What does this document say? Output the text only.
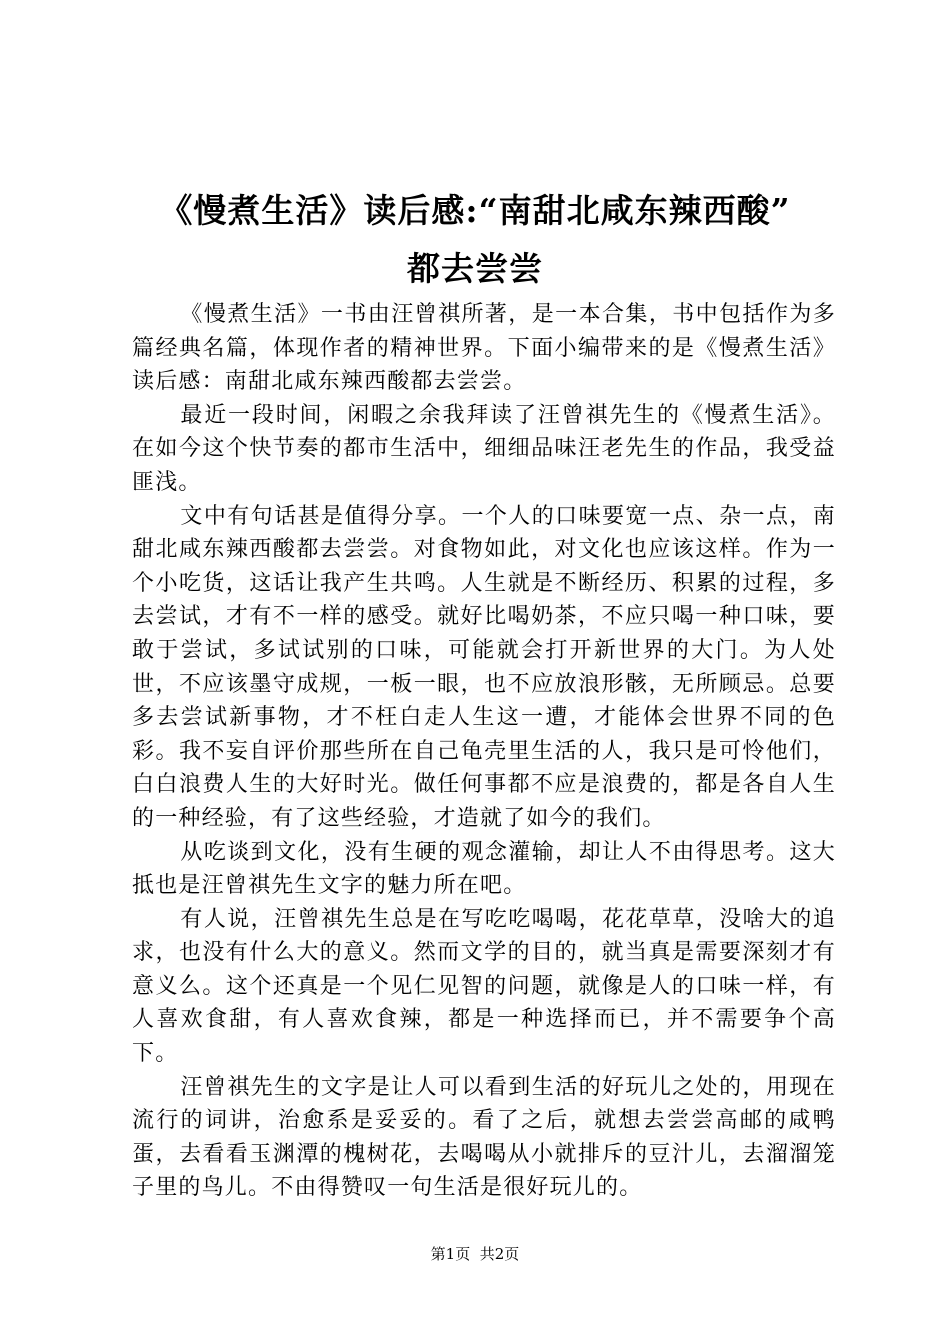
《慢煮生活》读后感:“南甜北咸东辣西酸”
都去尝尝

《慢煮生活》一书由汪曾祺所著，是一本合集，书中包括作为多篇经典名篇，体现作者的精神世界。下面小编带来的是《慢煮生活》读后感：南甜北咸东辣西酸都去尝尝。

最近一段时间，闲暇之余我拜读了汪曾祺先生的《慢煮生活》。在如今这个快节奏的都市生活中，细细品味汪老先生的作品，我受益匪浅。

文中有句话甚是值得分享。一个人的口味要宽一点、杂一点，南甜北咸东辣西酸都去尝尝。对食物如此，对文化也应该这样。作为一个小吃货，这话让我产生共鸣。人生就是不断经历、积累的过程，多去尝试，才有不一样的感受。就好比喝奶茶，不应只喝一种口味，要敢于尝试，多试试别的口味，可能就会打开新世界的大门。为人处世，不应该墨守成规，一板一眼，也不应放浪形骸，无所顾忌。总要多去尝试新事物，才不枉白走人生这一遭，才能体会世界不同的色彩。我不妄自评价那些所在自己龟壳里生活的人，我只是可怜他们，白白浪费人生的大好时光。做任何事都不应是浪费的，都是各自人生的一种经验，有了这些经验，才造就了如今的我们。

从吃谈到文化，没有生硬的观念灌输，却让人不由得思考。这大抵也是汪曾祺先生文字的魅力所在吧。

有人说，汪曾祺先生总是在写吃吃喝喝，花花草草，没啥大的追求，也没有什么大的意义。然而文学的目的，就当真是需要深刻才有意义么。这个还真是一个见仁见智的问题，就像是人的口味一样，有人喜欢食甜，有人喜欢食辣，都是一种选择而已，并不需要争个高下。

汪曾祺先生的文字是让人可以看到生活的好玩儿之处的，用现在流行的词讲，治愈系是妥妥的。看了之后，就想去尝尝高邮的咸鸭蛋，去看看玉渊潭的槐树花，去喝喝从小就排斥的豆汁儿，去溜溜笼子里的鸟儿。不由得赞叹一句生活是很好玩儿的。

第1页 共2页
